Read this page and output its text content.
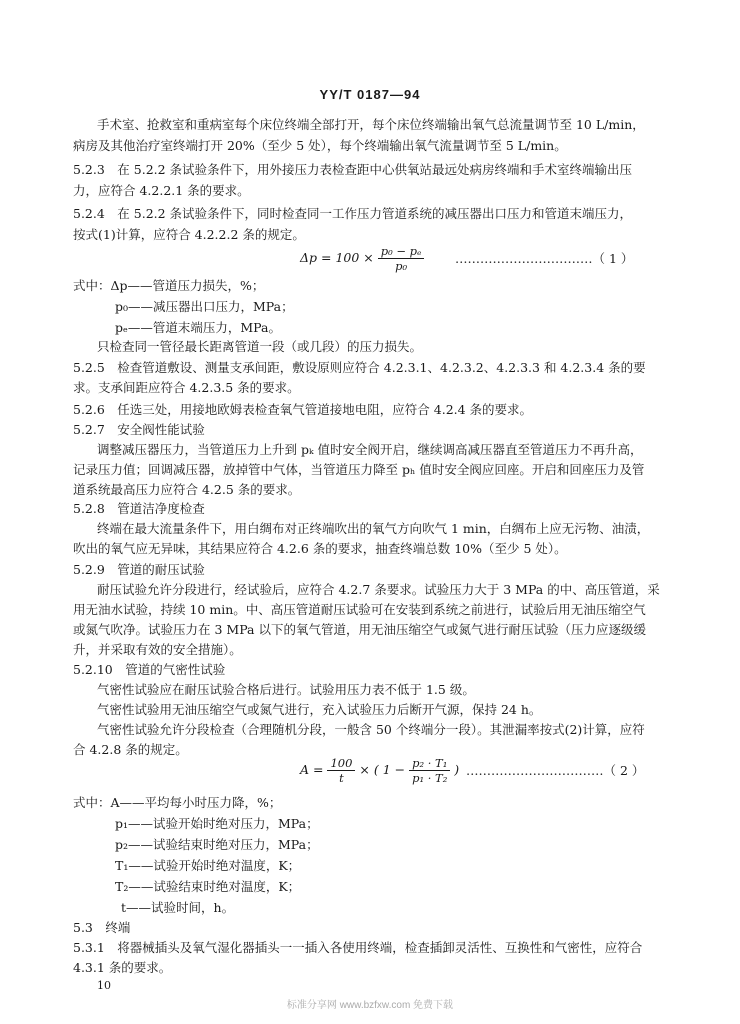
YY/T 0187—94
手术室、抢救室和重病室每个床位终端全部打开，每个床位终端输出氧气总流量调节至 10 L/min，
病房及其他治疗室终端打开 20%（至少 5 处），每个终端输出氧气流量调节至 5 L/min。
5.2.3　在 5.2.2 条试验条件下，用外接压力表检查距中心供氧站最远处病房终端和手术室终端输出压
力，应符合 4.2.2.1 条的要求。
5.2.4　在 5.2.2 条试验条件下，同时检查同一工作压力管道系统的减压器出口压力和管道末端压力，
按式(1)计算，应符合 4.2.2.2 条的规定。
$\Delta p = 100 \times \frac{\text{p₀ − pₑ}}{\text{p₀}}$ ……………………………（ 1 ）
式中：Δp——管道压力损失，%；
p₀——减压器出口压力，MPa；
pₑ——管道末端压力，MPa。
只检查同一管径最长距离管道一段（或几段）的压力损失。
5.2.5　检查管道敷设、测量支承间距，敷设原则应符合 4.2.3.1、4.2.3.2、4.2.3.3 和 4.2.3.4 条的要
求。支承间距应符合 4.2.3.5 条的要求。
5.2.6　任选三处，用接地欧姆表检查氧气管道接地电阻，应符合 4.2.4 条的要求。
5.2.7　安全阀性能试验
调整减压器压力，当管道压力上升到 pₖ 值时安全阀开启，继续调高减压器直至管道压力不再升高，
记录压力值；回调减压器，放掉管中气体，当管道压力降至 pₕ 值时安全阀应回座。开启和回座压力及管
道系统最高压力应符合 4.2.5 条的要求。
5.2.8　管道洁净度检查
终端在最大流量条件下，用白绸布对正终端吹出的氧气方向吹气 1 min，白绸布上应无污物、油渍，
吹出的氧气应无异味，其结果应符合 4.2.6 条的要求，抽查终端总数 10%（至少 5 处）。
5.2.9　管道的耐压试验
耐压试验允许分段进行，经试验后，应符合 4.2.7 条要求。试验压力大于 3 MPa 的中、高压管道，采
用无油水试验，持续 10 min。中、高压管道耐压试验可在安装到系统之前进行，试验后用无油压缩空气
或氮气吹净。试验压力在 3 MPa 以下的氧气管道，用无油压缩空气或氮气进行耐压试验（压力应逐级缓
升，并采取有效的安全措施）。
5.2.10　管道的气密性试验
气密性试验应在耐压试验合格后进行。试验用压力表不低于 1.5 级。
气密性试验用无油压缩空气或氮气进行，充入试验压力后断开气源，保持 24 h。
气密性试验允许分段检查（合理随机分段，一般含 50 个终端分一段）。其泄漏率按式(2)计算，应符
合 4.2.8 条的规定。
$A = \frac{100}{t}$ × ( $1 - \frac{\text{p₂ · T₁}}{\text{p₁ · T₂}}$ ) ……………………………（ 2 ）
式中：A——平均每小时压力降，%；
p₁——试验开始时绝对压力，MPa；
p₂——试验结束时绝对压力，MPa；
T₁——试验开始时绝对温度，K；
T₂——试验结束时绝对温度，K；
t——试验时间，h。
5.3　终端
5.3.1　将器械插头及氧气湿化器插头一一插入各使用终端，检查插卸灵活性、互换性和气密性，应符合
4.3.1 条的要求。
10
标准分享网 www.bzfxw.com 免费下载
